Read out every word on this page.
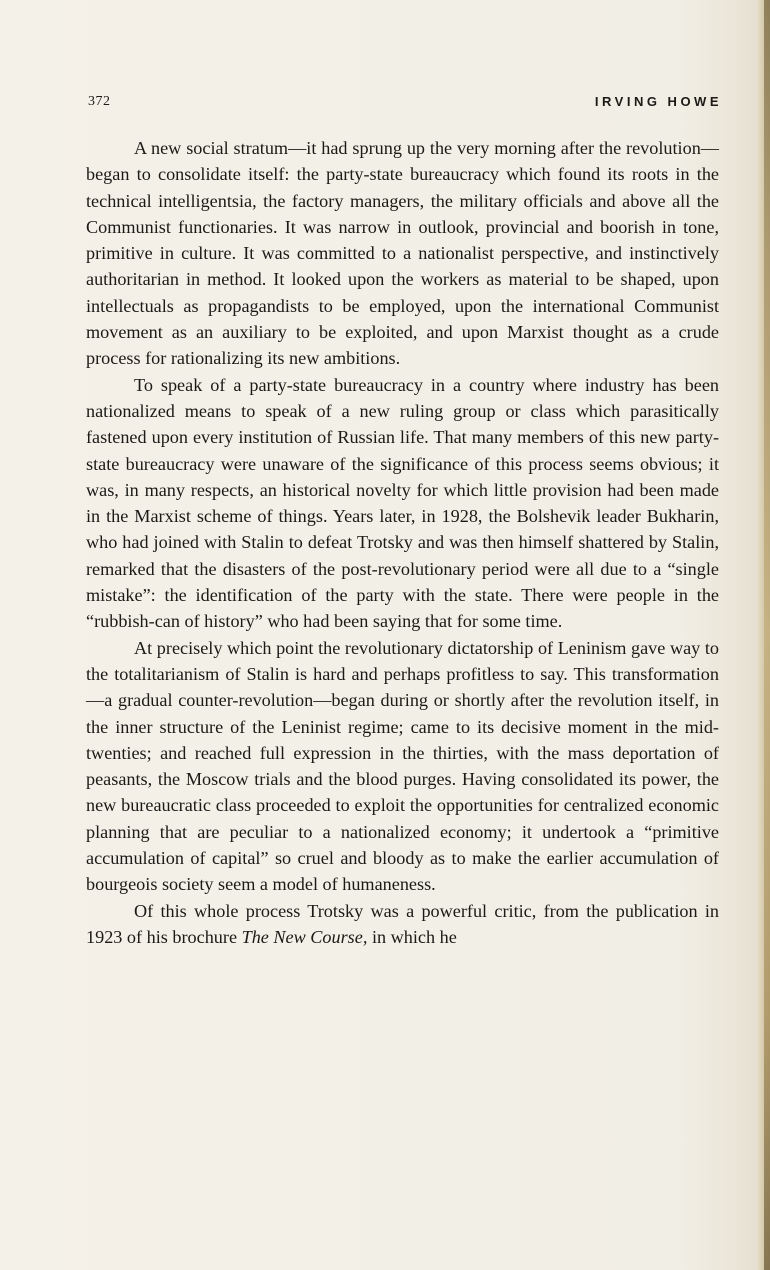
372	IRVING HOWE

A new social stratum—it had sprung up the very morning after the revolution—began to consolidate itself: the party-state bureaucracy which found its roots in the technical intelligentsia, the factory managers, the military officials and above all the Communist functionaries. It was narrow in outlook, provincial and boorish in tone, primitive in culture. It was committed to a nationalist perspective, and instinctively authoritarian in method. It looked upon the workers as material to be shaped, upon intellectuals as propagandists to be employed, upon the international Communist movement as an auxiliary to be exploited, and upon Marxist thought as a crude process for rationalizing its new ambitions.

To speak of a party-state bureaucracy in a country where industry has been nationalized means to speak of a new ruling group or class which parasitically fastened upon every institution of Russian life. That many members of this new party-state bureaucracy were unaware of the significance of this process seems obvious; it was, in many respects, an historical novelty for which little provision had been made in the Marxist scheme of things. Years later, in 1928, the Bolshevik leader Bukharin, who had joined with Stalin to defeat Trotsky and was then himself shattered by Stalin, remarked that the disasters of the post-revolutionary period were all due to a “single mistake”: the identification of the party with the state. There were people in the “rubbish-can of history” who had been saying that for some time.

At precisely which point the revolutionary dictatorship of Leninism gave way to the totalitarianism of Stalin is hard and perhaps profitless to say. This transformation—a gradual counter-revolution—began during or shortly after the revolution itself, in the inner structure of the Leninist regime; came to its decisive moment in the mid-twenties; and reached full expression in the thirties, with the mass deportation of peasants, the Moscow trials and the blood purges. Having consolidated its power, the new bureaucratic class proceeded to exploit the opportunities for centralized economic planning that are peculiar to a nationalized economy; it undertook a “primitive accumulation of capital” so cruel and bloody as to make the earlier accumulation of bourgeois society seem a model of humaneness.

Of this whole process Trotsky was a powerful critic, from the publication in 1923 of his brochure The New Course, in which he
